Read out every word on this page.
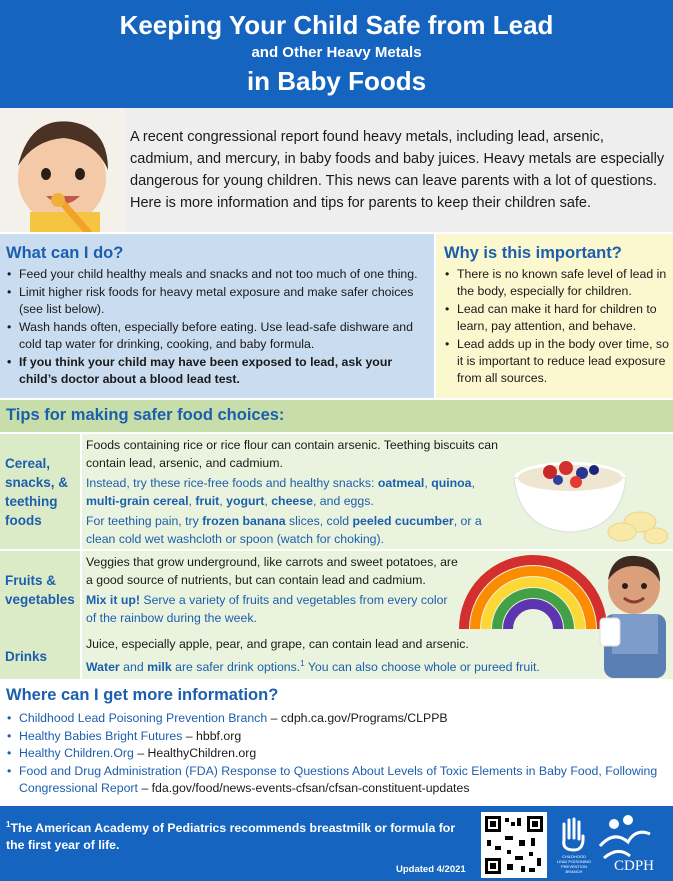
Keeping Your Child Safe from Lead
and Other Heavy Metals
in Baby Foods
A recent congressional report found heavy metals, including lead, arsenic, cadmium, and mercury, in baby foods and baby juices. Heavy metals are especially dangerous for young children. This news can leave parents with a lot of questions. Here is more information and tips for parents to keep their children safe.
What can I do?
• Feed your child healthy meals and snacks and not too much of one thing.
• Limit higher risk foods for heavy metal exposure and make safer choices (see list below).
• Wash hands often, especially before eating. Use lead-safe dishware and cold tap water for drinking, cooking, and baby formula.
• If you think your child may have been exposed to lead, ask your child’s doctor about a blood lead test.
Why is this important?
• There is no known safe level of lead in the body, especially for children.
• Lead can make it hard for children to learn, pay attention, and behave.
• Lead adds up in the body over time, so it is important to reduce lead exposure from all sources.
Tips for making safer food choices:
Cereal, snacks, & teething foods
Foods containing rice or rice flour can contain arsenic. Teething biscuits can contain lead, arsenic, and cadmium.
Instead, try these rice-free foods and healthy snacks: oatmeal, quinoa, multi-grain cereal, fruit, yogurt, cheese, and eggs.
For teething pain, try frozen banana slices, cold peeled cucumber, or a clean cold wet washcloth or spoon (watch for choking).
Fruits & vegetables
Veggies that grow underground, like carrots and sweet potatoes, are a good source of nutrients, but can contain lead and cadmium.
Mix it up! Serve a variety of fruits and vegetables from every color of the rainbow during the week.
Drinks
Juice, especially apple, pear, and grape, can contain lead and arsenic.
Water and milk are safer drink options.$^1$ You can also choose whole or pureed fruit.
Where can I get more information?
• Childhood Lead Poisoning Prevention Branch – cdph.ca.gov/Programs/CLPPB
• Healthy Babies Bright Futures – hbbf.org
• Healthy Children.Org – HealthyChildren.org
• Food and Drug Administration (FDA) Response to Questions About Levels of Toxic Elements in Baby Food, Following Congressional Report – fda.gov/food/news-events-cfsan/cfsan-constituent-updates
$^1$The American Academy of Pediatrics recommends breastmilk or formula for the first year of life.
Updated 4/2021
CHILDHOOD
LEAD POISONING
PREVENTION
BRANCH CDPH
